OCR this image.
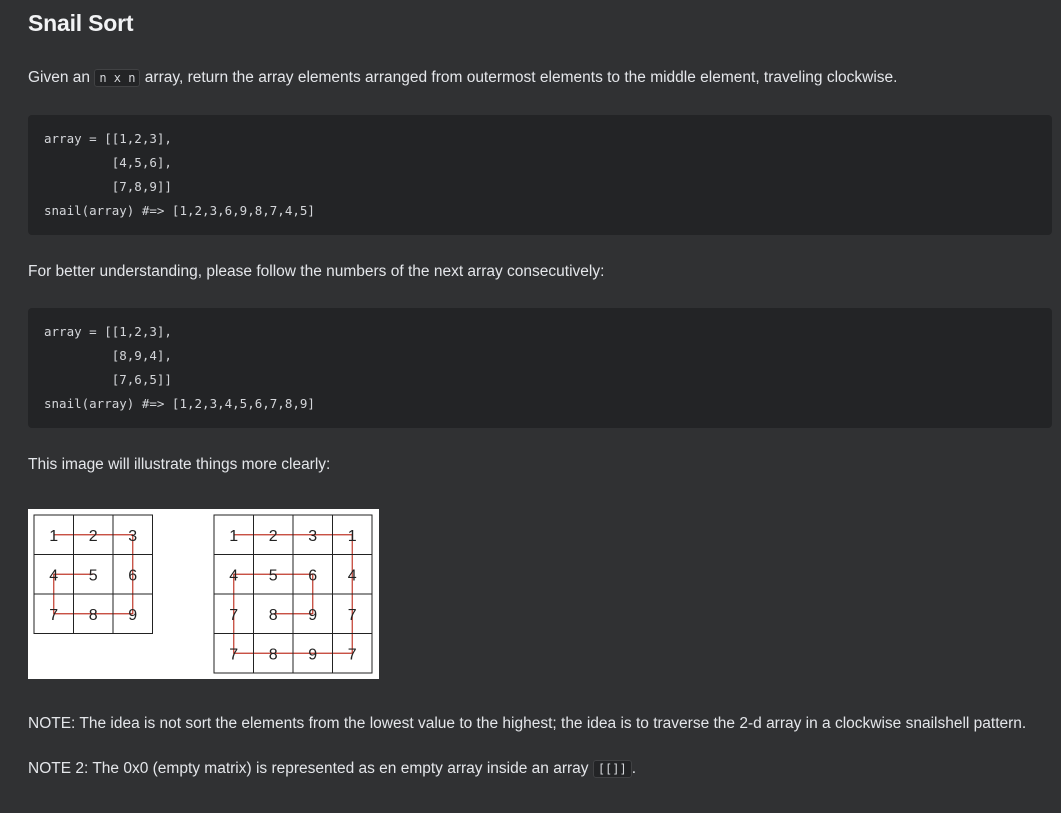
Snail Sort

Given an n x n array, return the array elements arranged from outermost elements to the middle element, traveling clockwise.

array = [[1,2,3],
[4,5,6],
[7,8,9]]
snail(array) #=> [1,2,3,6,9,8,7,4,5]

For better understanding, please follow the numbers of the next array consecutively:

array = [[1,2,3],
[8,9,4],
[7,6,5]]
snail(array) #=> [1,2,3,4,5,6,7,8,9]

This image will illustrate things more clearly:

1 2 3
4 5 6
7 8 9
1 2 3 1
4 5 6 4
7 8 9 7
7 8 9 7

NOTE: The idea is not sort the elements from the lowest value to the highest; the idea is to traverse the 2-d array in a clockwise snailshell pattern.

NOTE 2: The 0x0 (empty matrix) is represented as en empty array inside an array [[]] .
